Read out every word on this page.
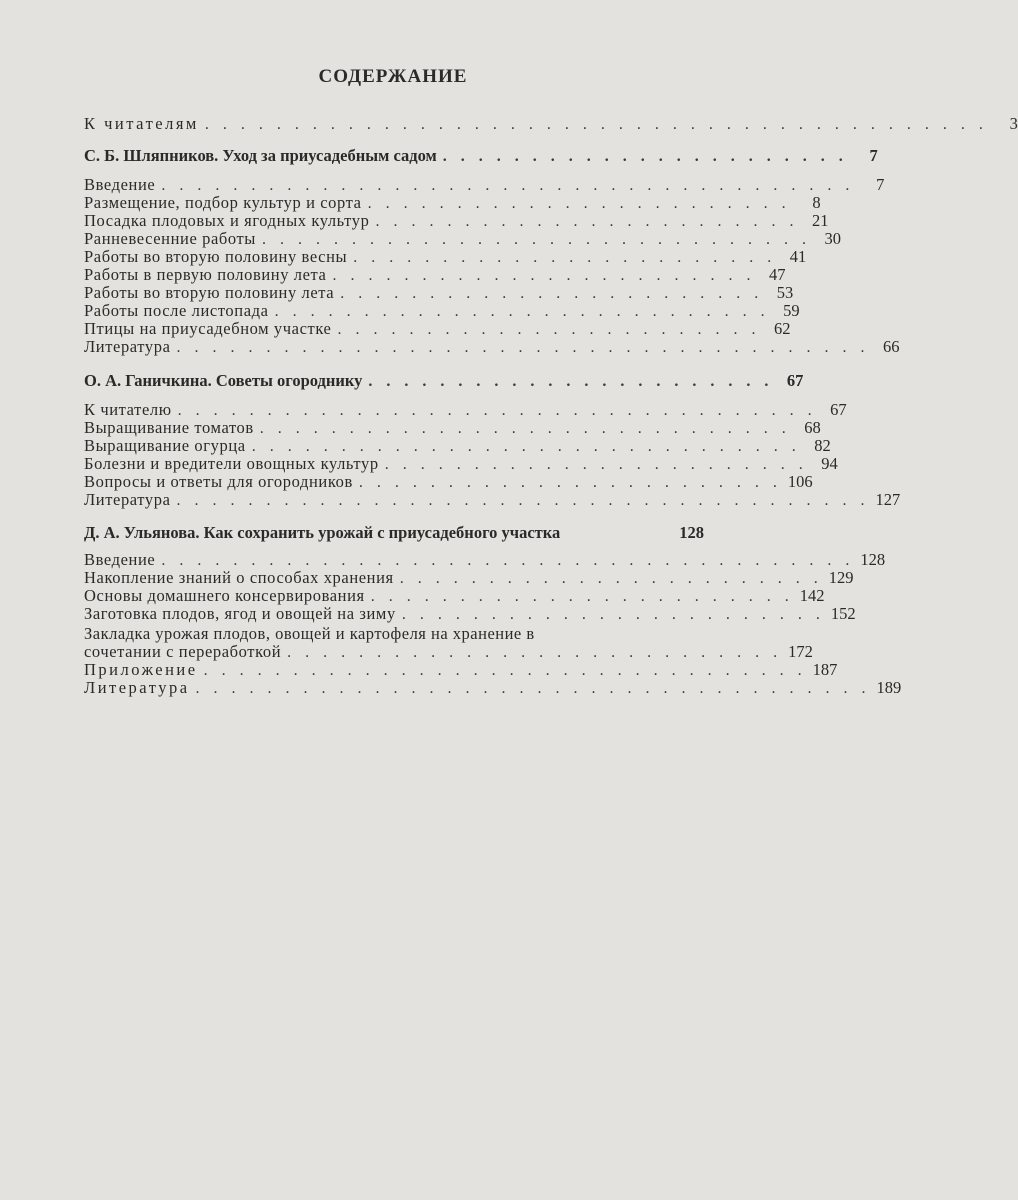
СОДЕРЖАНИЕ
К читателям . . . . . . . . . . . . . . . . . . . . . . . . . . . . . . . . . . . . . . . . . . . .	3
С. Б. Шляпников. Уход за приусадебным садом . . . . . . . . . . . . . . . . . . . . . . .	7
Введение . . . . . . . . . . . . . . . . . . . . . . . . . . . . . . . . . . . . . . .	7
Размещение, подбор культур и сорта . . . . . . . . . . . . . . . . . . . . . . . .	8
Посадка плодовых и ягодных культур . . . . . . . . . . . . . . . . . . . . . . . . 21
Ранневесенние работы . . . . . . . . . . . . . . . . . . . . . . . . . . . . . . . 30
Работы во вторую половину весны . . . . . . . . . . . . . . . . . . . . . . . . 41
Работы в первую половину лета . . . . . . . . . . . . . . . . . . . . . . . . 47
Работы во вторую половину лета . . . . . . . . . . . . . . . . . . . . . . . . 53
Работы после листопада . . . . . . . . . . . . . . . . . . . . . . . . . . . . 59
Птицы на приусадебном участке . . . . . . . . . . . . . . . . . . . . . . . . 62
Литература . . . . . . . . . . . . . . . . . . . . . . . . . . . . . . . . . . . . . . . 66
О. А. Ганичкина. Советы огороднику . . . . . . . . . . . . . . . . . . . . . . . 67
К читателю . . . . . . . . . . . . . . . . . . . . . . . . . . . . . . . . . . . . 67
Выращивание томатов . . . . . . . . . . . . . . . . . . . . . . . . . . . . . . 68
Выращивание огурца . . . . . . . . . . . . . . . . . . . . . . . . . . . . . . . 82
Болезни и вредители овощных культур . . . . . . . . . . . . . . . . . . . . . . . . 94
Вопросы и ответы для огородников . . . . . . . . . . . . . . . . . . . . . . . . 106
Литература . . . . . . . . . . . . . . . . . . . . . . . . . . . . . . . . . . . . . . . 127
Д. А. Ульянова. Как сохранить урожай с приусадебного участка	128
Введение . . . . . . . . . . . . . . . . . . . . . . . . . . . . . . . . . . . . . . . 128
Накопление знаний о способах хранения . . . . . . . . . . . . . . . . . . . . . . . . 129
Основы домашнего консервирования . . . . . . . . . . . . . . . . . . . . . . . . 142
Заготовка плодов, ягод и овощей на зиму . . . . . . . . . . . . . . . . . . . . . . . . 152
Закладка урожая плодов, овощей и картофеля на хранение в
сочетании с переработкой . . . . . . . . . . . . . . . . . . . . . . . . . . . . 172
Приложение . . . . . . . . . . . . . . . . . . . . . . . . . . . . . . . . . . 187
Литература . . . . . . . . . . . . . . . . . . . . . . . . . . . . . . . . . . . . . . 189
